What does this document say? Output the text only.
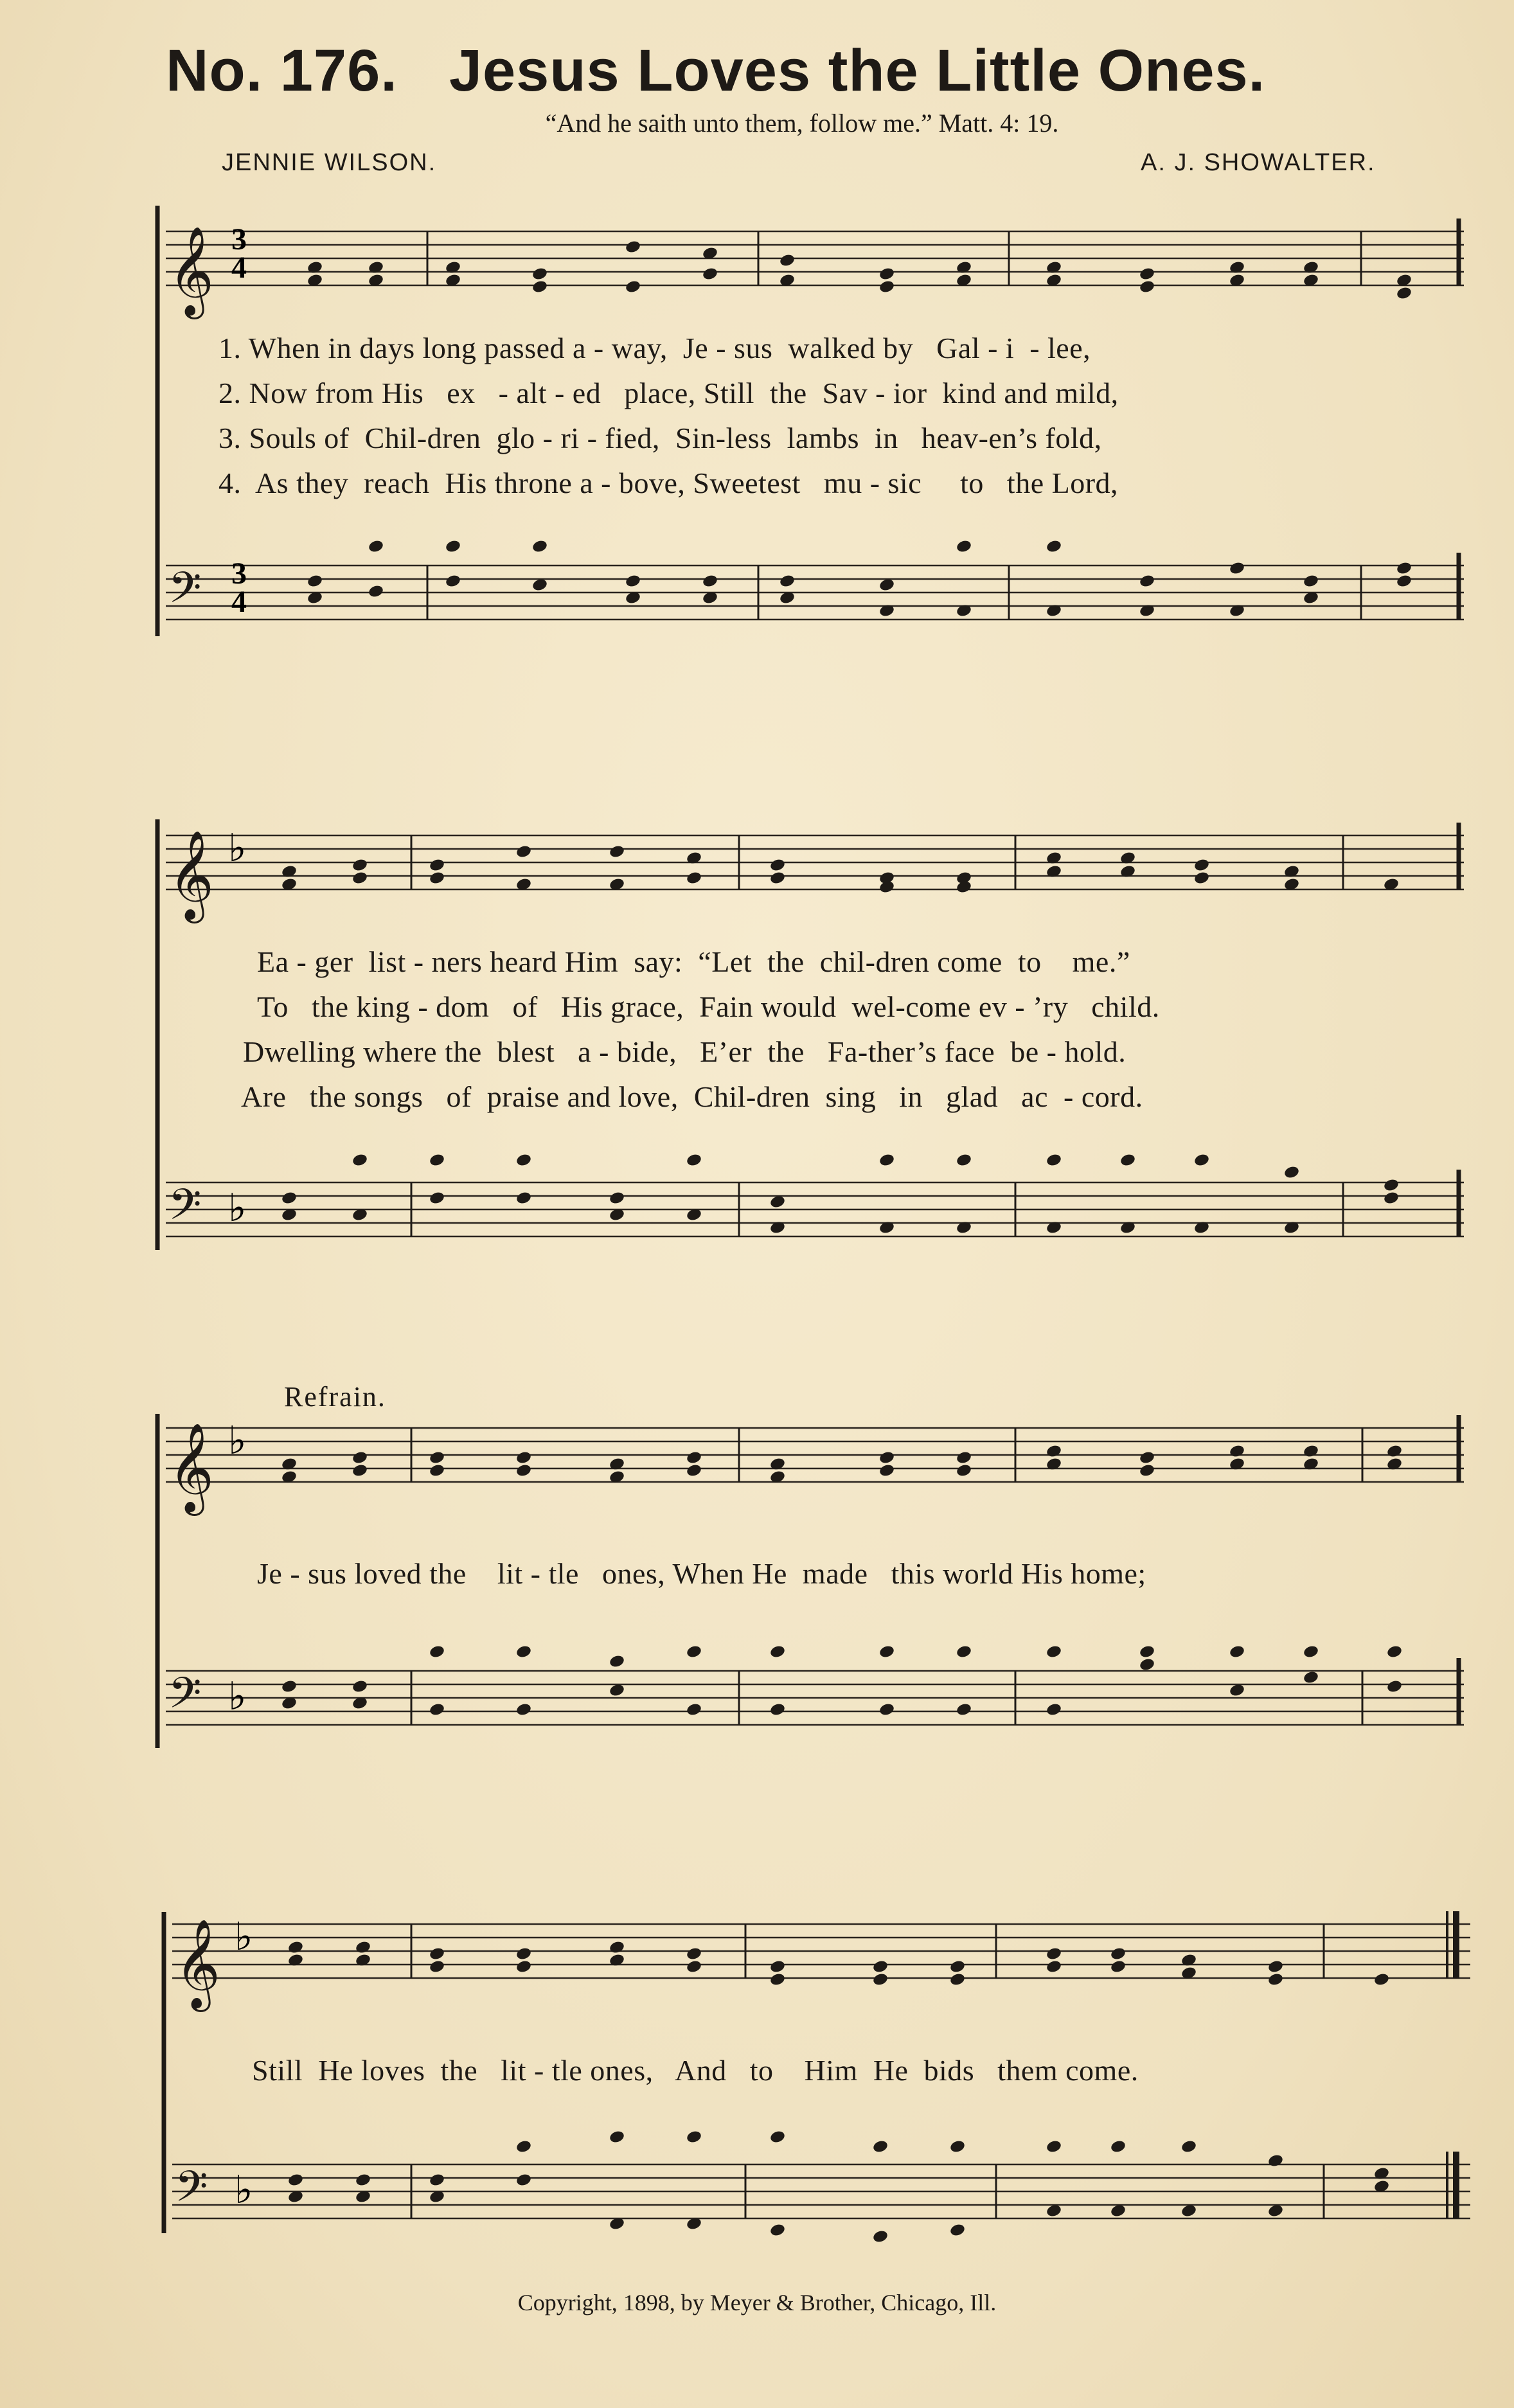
No. 176. Jesus Loves the Little Ones.
“And he saith unto them, follow me.” Matt. 4: 19.
JENNIE WILSON.	A. J. SHOWALTER.
𝄞
𝄢
3
4
3
4
𝄞
𝄢
♭
♭
𝄞
𝄢
♭
♭
𝄞
𝄢
♭
♭
1. When in days long passed a - way,  Je - sus  walked by   Gal - i  - lee,
2. Now from His   ex   - alt - ed   place, Still  the  Sav - ior  kind and mild,
3. Souls of  Chil-dren  glo - ri - fied,  Sin-less  lambs  in   heav-en’s fold,
4.  As they  reach  His throne a - bove, Sweetest   mu - sic     to   the Lord,
Ea - ger  list - ners heard Him  say:  “Let  the  chil-dren come  to    me.”
To   the king - dom   of   His grace,  Fain would  wel-come ev - ’ry   child.
Dwelling where the  blest   a - bide,   E’er  the   Fa-ther’s face  be - hold.
Are   the songs   of  praise and love,  Chil-dren  sing   in   glad   ac  - cord.
Refrain.
Je - sus loved the    lit - tle   ones, When He  made   this world His home;
Still  He loves  the   lit - tle ones,   And   to    Him  He  bids   them come.
Copyright, 1898, by Meyer & Brother, Chicago, Ill.
